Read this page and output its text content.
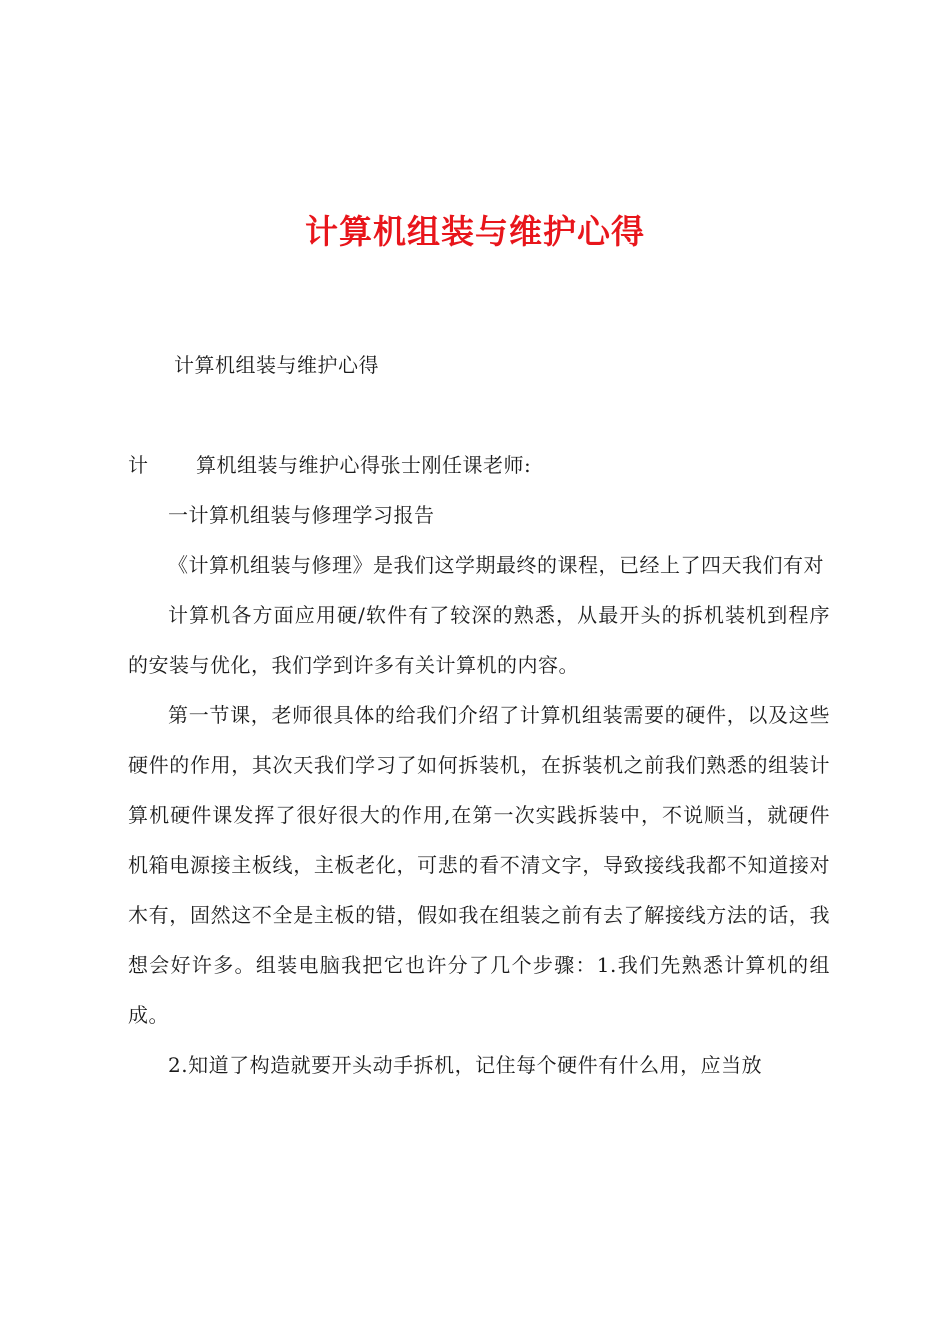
计算机组装与维护心得

计算机组装与维护心得

计 算机组装与维护心得张士刚任课老师:

一计算机组装与修理学习报告

《计算机组装与修理》是我们这学期最终的课程，已经上了四天我们有对

计算机各方面应用硬/软件有了较深的熟悉，从最开头的拆机装机到程序的安装与优化，我们学到许多有关计算机的内容。

第一节课，老师很具体的给我们介绍了计算机组装需要的硬件，以及这些硬件的作用，其次天我们学习了如何拆装机，在拆装机之前我们熟悉的组装计算机硬件课发挥了很好很大的作用,在第一次实践拆装中，不说顺当，就硬件机箱电源接主板线，主板老化，可悲的看不清文字，导致接线我都不知道接对木有，固然这不全是主板的错，假如我在组装之前有去了解接线方法的话，我想会好许多。组装电脑我把它也许分了几个步骤：1.我们先熟悉计算机的组成。

2.知道了构造就要开头动手拆机，记住每个硬件有什么用，应当放
